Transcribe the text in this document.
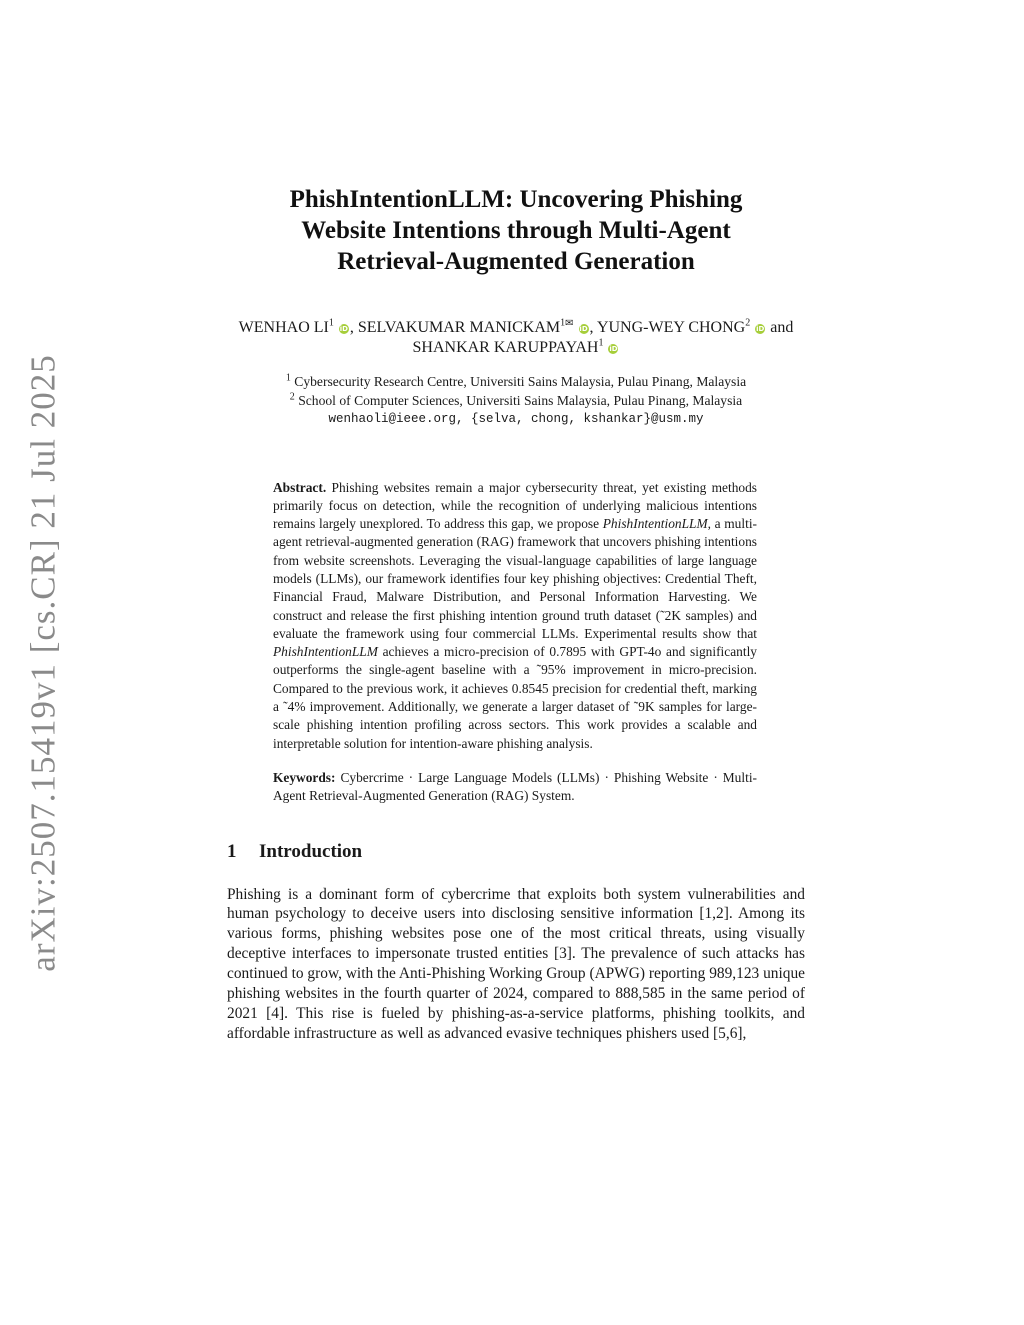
arXiv:2507.15419v1 [cs.CR] 21 Jul 2025
PhishIntentionLLM: Uncovering Phishing
Website Intentions through Multi-Agent
Retrieval-Augmented Generation
WENHAO $LI^1$ iD , SELVAKUMAR $MANICKAM^{1✉}$ iD , YUNG-WEY CHONG$^2$ iD and SHANKAR KARUPPAYAH$^1$ iD
$^1$ Cybersecurity Research Centre, Universiti Sains Malaysia, Pulau Pinang, Malaysia
$^2$ School of Computer Sciences, Universiti Sains Malaysia, Pulau Pinang, Malaysia
wenhaoli@ieee.org, {selva, chong, kshankar}@usm.my

Abstract. Phishing websites remain a major cybersecurity threat, yet existing methods primarily focus on detection, while the recognition of underlying malicious intentions remains largely unexplored. To address this gap, we propose PhishIntentionLLM, a multi-agent retrieval-augmented generation (RAG) framework that uncovers phishing intentions from website screenshots. Leveraging the visual-language capabilities of large language models (LLMs), our framework identifies four key phishing objectives: Credential Theft, Financial Fraud, Malware Distribution, and Personal Information Harvesting. We construct and release the first phishing intention ground truth dataset (˜2K samples) and evaluate the framework using four commercial LLMs. Experimental results show that PhishIntentionLLM achieves a micro-precision of 0.7895 with GPT-4o and significantly outperforms the single-agent baseline with a ˜95% improvement in micro-precision. Compared to the previous work, it achieves 0.8545 precision for credential theft, marking a ˜4% improvement. Additionally, we generate a larger dataset of ˜9K samples for large-scale phishing intention profiling across sectors. This work provides a scalable and interpretable solution for intention-aware phishing analysis.

Keywords: Cybercrime · Large Language Models (LLMs) · Phishing Website · Multi-Agent Retrieval-Augmented Generation (RAG) System.

1 Introduction

Phishing is a dominant form of cybercrime that exploits both system vulnerabilities and human psychology to deceive users into disclosing sensitive information [1,2]. Among its various forms, phishing websites pose one of the most critical threats, using visually deceptive interfaces to impersonate trusted entities [3]. The prevalence of such attacks has continued to grow, with the Anti-Phishing Working Group (APWG) reporting 989,123 unique phishing websites in the fourth quarter of 2024, compared to 888,585 in the same period of 2021 [4]. This rise is fueled by phishing-as-a-service platforms, phishing toolkits, and affordable infrastructure as well as advanced evasive techniques phishers used [5,6],
